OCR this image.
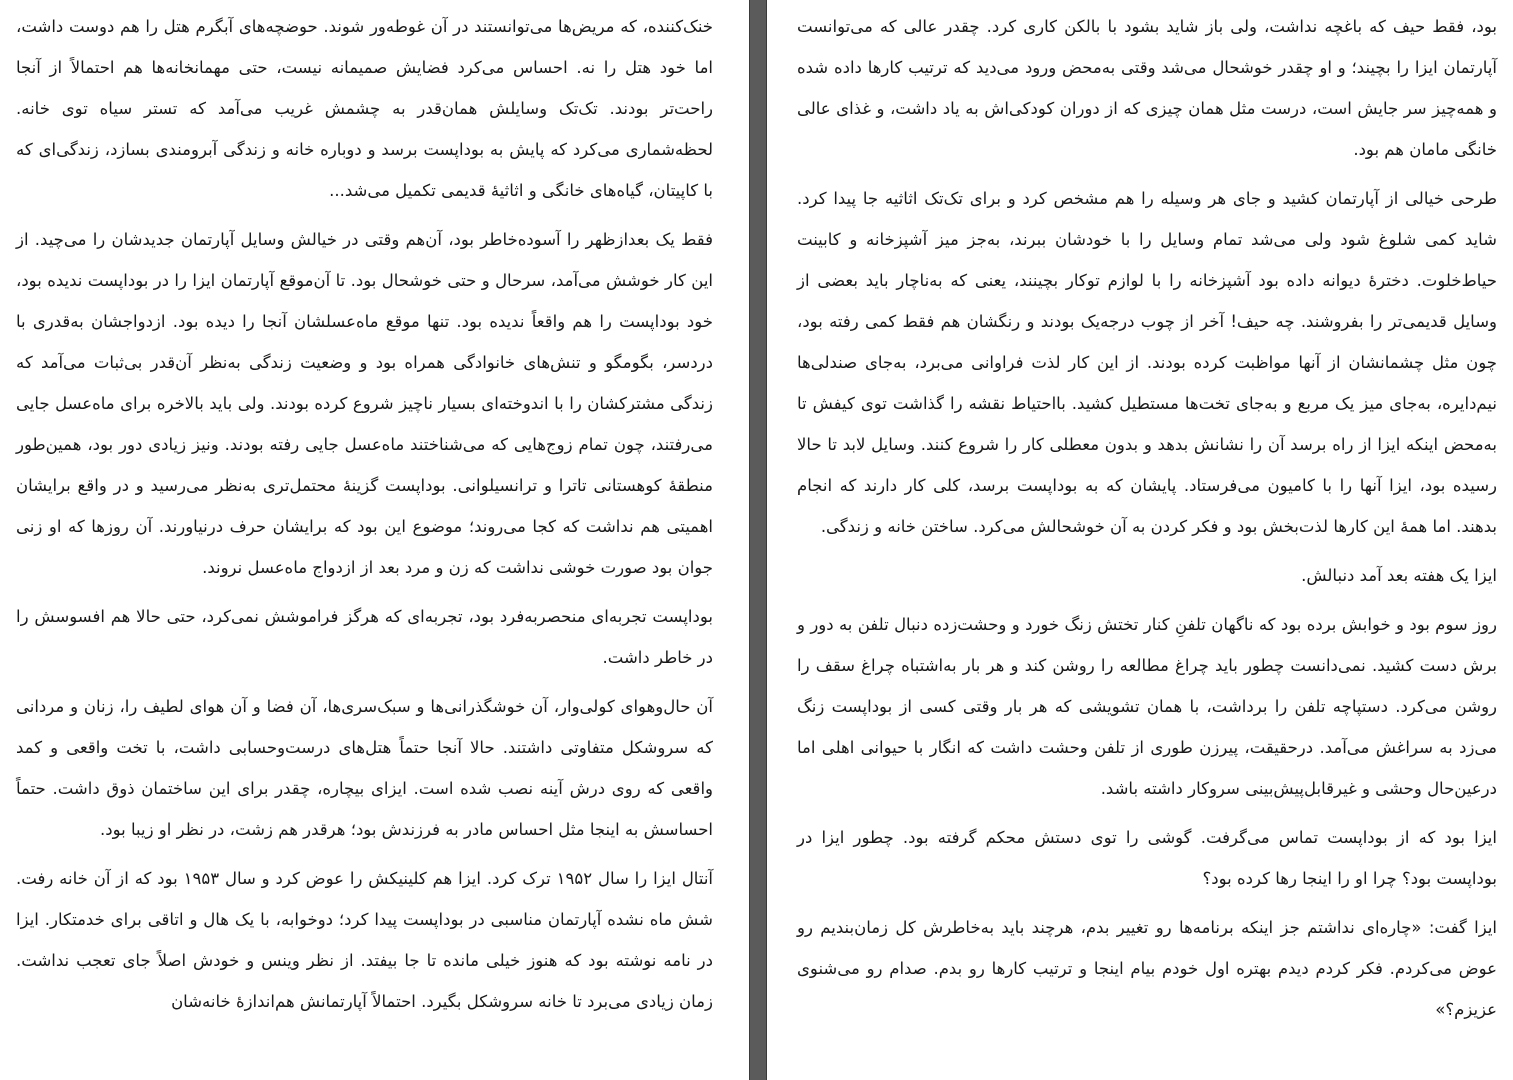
خنک‌کننده، که مریض‌ها می‌توانستند در آن غوطه‌ور شوند. حوضچه‌های آبگرم هتل را هم دوست داشت، اما خود هتل را نه. احساس می‌کرد فضایش صمیمانه نیست، حتی مهمانخانه‌ها هم احتمالاً از آنجا راحت‌تر بودند. تک‌تک وسایلش همان‌قدر به چشمش غریب می‌آمد که تستر سیاه توی خانه. لحظه‌شماری می‌کرد که پایش به بوداپست برسد و دوباره خانه و زندگی آبرومندی بسازد، زندگی‌ای که با کاپیتان، گیاه‌های خانگی و اثاثیهٔ قدیمی تکمیل می‌شد...

فقط یک بعدازظهر را آسوده‌خاطر بود، آن‌هم وقتی در خیالش وسایل آپارتمان جدیدشان را می‌چید. از این کار خوشش می‌آمد، سرحال و حتی خوشحال بود. تا آن‌موقع آپارتمان ایزا را در بوداپست ندیده بود، خود بوداپست را هم واقعاً ندیده بود. تنها موقع ماه‌عسلشان آنجا را دیده بود. ازدواجشان به‌قدری با دردسر، بگومگو و تنش‌های خانوادگی همراه بود و وضعیت زندگی به‌نظر آن‌قدر بی‌ثبات می‌آمد که زندگی مشترکشان را با اندوخته‌ای بسیار ناچیز شروع کرده بودند. ولی باید بالاخره برای ماه‌عسل جایی می‌رفتند، چون تمام زوج‌هایی که می‌شناختند ماه‌عسل جایی رفته بودند. ونیز زیادی دور بود، همین‌طور منطقهٔ کوهستانی تاترا و ترانسیلوانی. بوداپست گزینهٔ محتمل‌تری به‌نظر می‌رسید و در واقع برایشان اهمیتی هم نداشت که کجا می‌روند؛ موضوع این بود که برایشان حرف درنیاورند. آن روزها که او زنی جوان بود صورت خوشی نداشت که زن و مرد بعد از ازدواج ماه‌عسل نروند.

بوداپست تجربه‌ای منحصربه‌فرد بود، تجربه‌ای که هرگز فراموشش نمی‌کرد، حتی حالا هم افسوسش را در خاطر داشت.

آن حال‌وهوای کولی‌وار، آن خوشگذرانی‌ها و سبک‌سری‌ها، آن فضا و آن هوای لطیف را، زنان و مردانی که سروشکل متفاوتی داشتند. حالا آنجا حتماً هتل‌های درست‌وحسابی داشت، با تخت واقعی و کمد واقعی که روی درش آینه نصب شده است. ایزای بیچاره، چقدر برای این ساختمان ذوق داشت. حتماً احساسش به اینجا مثل احساس مادر به فرزندش بود؛ هرقدر هم زشت، در نظر او زیبا بود.

آنتال ایزا را سال ۱۹۵۲ ترک کرد. ایزا هم کلینیکش را عوض کرد و سال ۱۹۵۳ بود که از آن خانه رفت. شش ماه نشده آپارتمان مناسبی در بوداپست پیدا کرد؛ دوخوابه، با یک هال و اتاقی برای خدمتکار. ایزا در نامه نوشته بود که هنوز خیلی مانده تا جا بیفتد. از نظر وینس و خودش اصلاً جای تعجب نداشت. زمان زیادی می‌برد تا خانه سروشکل بگیرد. احتمالاً آپارتمانش هم‌اندازهٔ خانه‌شان

بود، فقط حیف که باغچه نداشت، ولی باز شاید بشود با بالکن کاری کرد. چقدر عالی که می‌توانست آپارتمان ایزا را بچیند؛ و او چقدر خوشحال می‌شد وقتی به‌محض ورود می‌دید که ترتیب کارها داده شده و همه‌چیز سر جایش است، درست مثل همان چیزی که از دوران کودکی‌اش به یاد داشت، و غذای عالی خانگی مامان هم بود.

طرحی خیالی از آپارتمان کشید و جای هر وسیله را هم مشخص کرد و برای تک‌تک اثاثیه جا پیدا کرد. شاید کمی شلوغ شود ولی می‌شد تمام وسایل را با خودشان ببرند، به‌جز میز آشپزخانه و کابینت حیاط‌خلوت. دخترهٔ دیوانه داده بود آشپزخانه را با لوازم توکار بچینند، یعنی که به‌ناچار باید بعضی از وسایل قدیمی‌تر را بفروشند. چه حیف! آخر از چوب درجه‌یک بودند و رنگشان هم فقط کمی رفته بود، چون مثل چشمانشان از آنها مواظبت کرده بودند. از این کار لذت فراوانی می‌برد، به‌جای صندلی‌ها نیم‌دایره، به‌جای میز یک مربع و به‌جای تخت‌ها مستطیل کشید. بااحتیاط نقشه را گذاشت توی کیفش تا به‌محض اینکه ایزا از راه برسد آن را نشانش بدهد و بدون معطلی کار را شروع کنند. وسایل لابد تا حالا رسیده بود، ایزا آنها را با کامیون می‌فرستاد. پایشان که به بوداپست برسد، کلی کار دارند که انجام بدهند. اما همهٔ این کارها لذت‌بخش بود و فکر کردن به آن خوشحالش می‌کرد. ساختن خانه و زندگی.

ایزا یک هفته بعد آمد دنبالش.

روز سوم بود و خوابش برده بود که ناگهان تلفنِ کنار تختش زنگ خورد و وحشت‌زده دنبال تلفن به دور و برش دست کشید. نمی‌دانست چطور باید چراغ مطالعه را روشن کند و هر بار به‌اشتباه چراغ سقف را روشن می‌کرد. دستپاچه تلفن را برداشت، با همان تشویشی که هر بار وقتی کسی از بوداپست زنگ می‌زد به سراغش می‌آمد. درحقیقت، پیرزن طوری از تلفن وحشت داشت که انگار با حیوانی اهلی اما درعین‌حال وحشی و غیرقابل‌پیش‌بینی سروکار داشته باشد.

ایزا بود که از بوداپست تماس می‌گرفت. گوشی را توی دستش محکم گرفته بود. چطور ایزا در بوداپست بود؟ چرا او را اینجا رها کرده بود؟

ایزا گفت: «چاره‌ای نداشتم جز اینکه برنامه‌ها رو تغییر بدم، هرچند باید به‌خاطرش کل زمان‌بندیم رو عوض می‌کردم. فکر کردم دیدم بهتره اول خودم بیام اینجا و ترتیب کارها رو بدم. صدام رو می‌شنوی عزیزم؟»
